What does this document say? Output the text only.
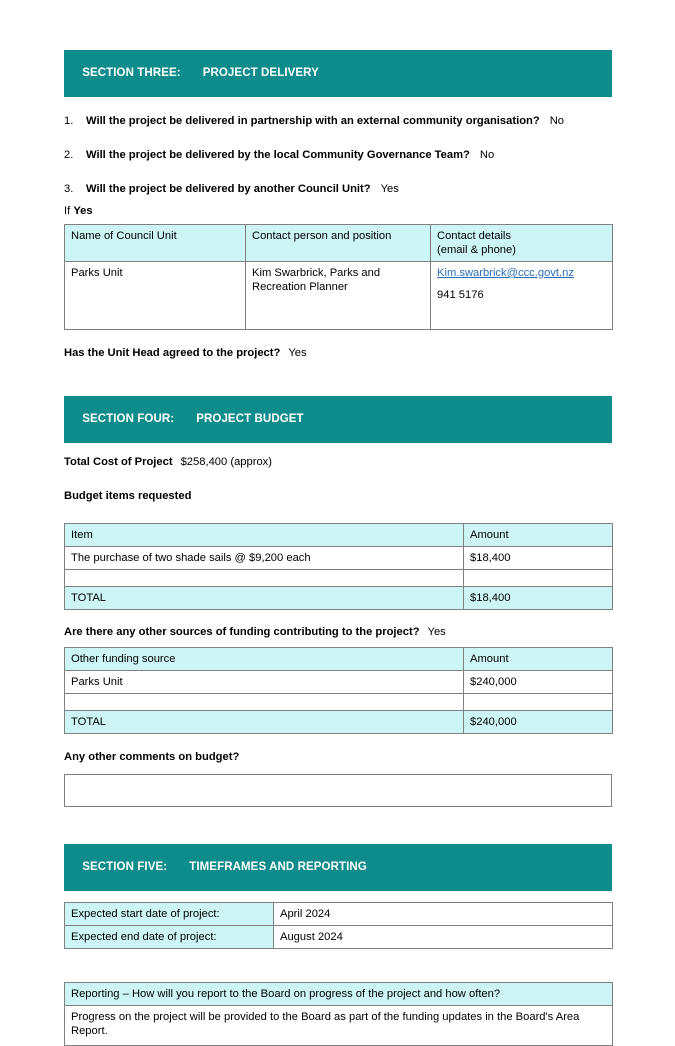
SECTION THREE: PROJECT DELIVERY

1.	Will the project be delivered in partnership with an external community organisation? No
2.	Will the project be delivered by the local Community Governance Team? No
3.	Will the project be delivered by another Council Unit? Yes
If Yes
Name of Council Unit	Contact person and position	Contact details
(email & phone)

Parks Unit	Kim Swarbrick, Parks and Recreation Planner	Kim.swarbrick@ccc.govt.nz
941 5176
Has the Unit Head agreed to the project? Yes

SECTION FOUR: PROJECT BUDGET

Total Cost of Project $258,400 (approx)
Budget items requested
Item	Amount
The purchase of two shade sails @ $9,200 each	$18,400

TOTAL	$18,400
Are there any other sources of funding contributing to the project? Yes
Other funding source	Amount
Parks Unit	$240,000

TOTAL	$240,000
Any other comments on budget?

SECTION FIVE: TIMEFRAMES AND REPORTING

Expected start date of project:	April 2024
Expected end date of project:	August 2024
Reporting – How will you report to the Board on progress of the project and how often?
Progress on the project will be provided to the Board as part of the funding updates in the Board's Area Report.
